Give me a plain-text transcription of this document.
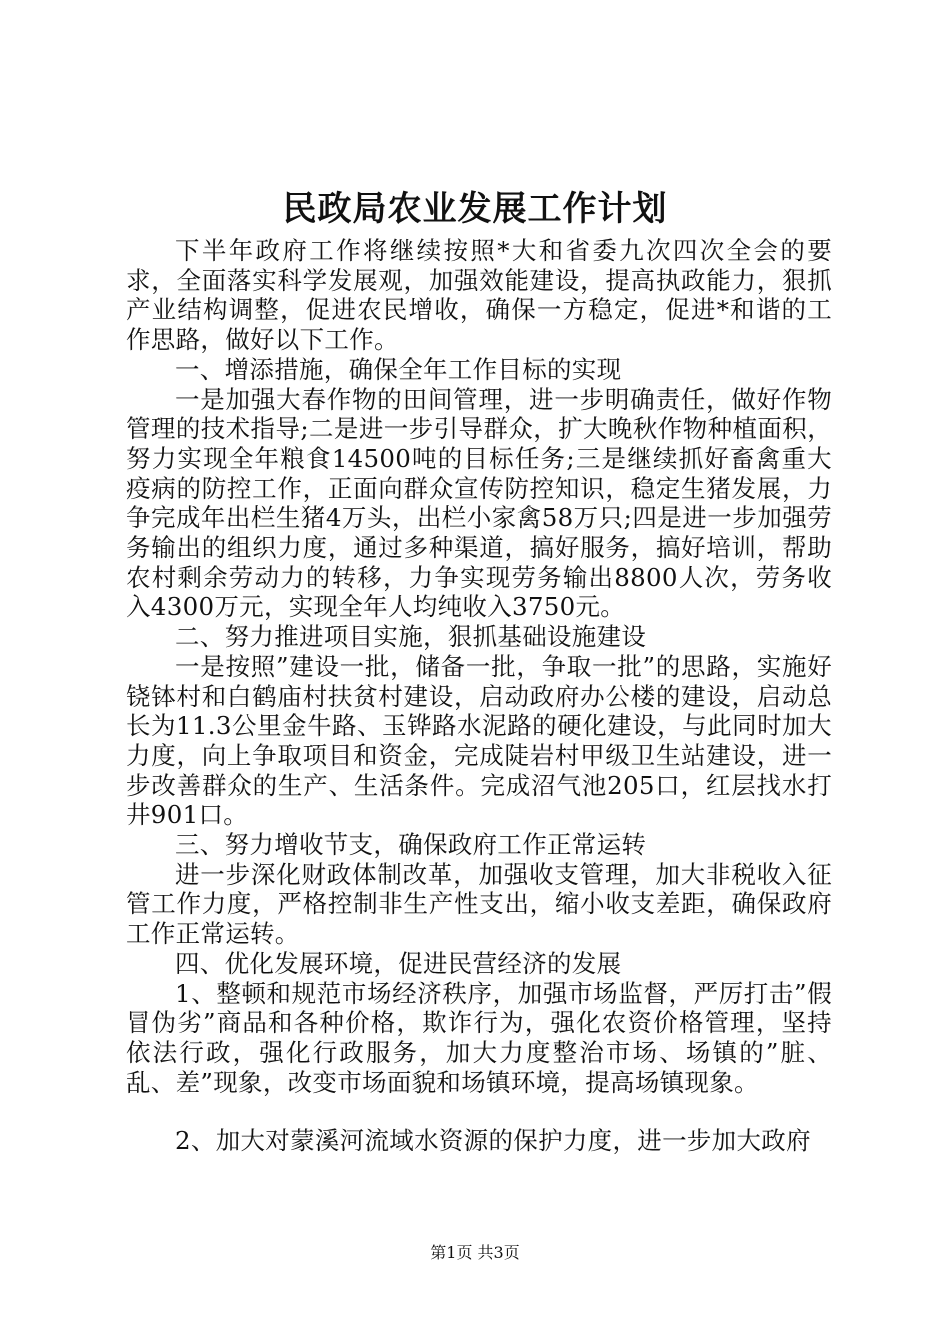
民政局农业发展工作计划

下半年政府工作将继续按照*大和省委九次四次全会的要求，全面落实科学发展观，加强效能建设，提高执政能力，狠抓产业结构调整，促进农民增收，确保一方稳定，促进*和谐的工作思路，做好以下工作。

一、增添措施，确保全年工作目标的实现

一是加强大春作物的田间管理，进一步明确责任，做好作物管理的技术指导;二是进一步引导群众，扩大晚秋作物种植面积，努力实现全年粮食14500吨的目标任务;三是继续抓好畜禽重大疫病的防控工作，正面向群众宣传防控知识，稳定生猪发展，力争完成年出栏生猪4万头，出栏小家禽58万只;四是进一步加强劳务输出的组织力度，通过多种渠道，搞好服务，搞好培训，帮助农村剩余劳动力的转移，力争实现劳务输出8800人次，劳务收入4300万元，实现全年人均纯收入3750元。

二、努力推进项目实施，狠抓基础设施建设

一是按照”建设一批，储备一批，争取一批”的思路，实施好铙钵村和白鹤庙村扶贫村建设，启动政府办公楼的建设，启动总长为11.3公里金牛路、玉铧路水泥路的硬化建设，与此同时加大力度，向上争取项目和资金，完成陡岩村甲级卫生站建设，进一步改善群众的生产、生活条件。完成沼气池205口，红层找水打井901口。

三、努力增收节支，确保政府工作正常运转

进一步深化财政体制改革，加强收支管理，加大非税收入征管工作力度，严格控制非生产性支出，缩小收支差距，确保政府工作正常运转。

四、优化发展环境，促进民营经济的发展

1、整顿和规范市场经济秩序，加强市场监督，严厉打击”假冒伪劣”商品和各种价格，欺诈行为，强化农资价格管理，坚持依法行政，强化行政服务，加大力度整治市场、场镇的”脏、乱、差”现象，改变市场面貌和场镇环境，提高场镇现象。

2、加大对蒙溪河流域水资源的保护力度，进一步加大政府

第1页 共3页
